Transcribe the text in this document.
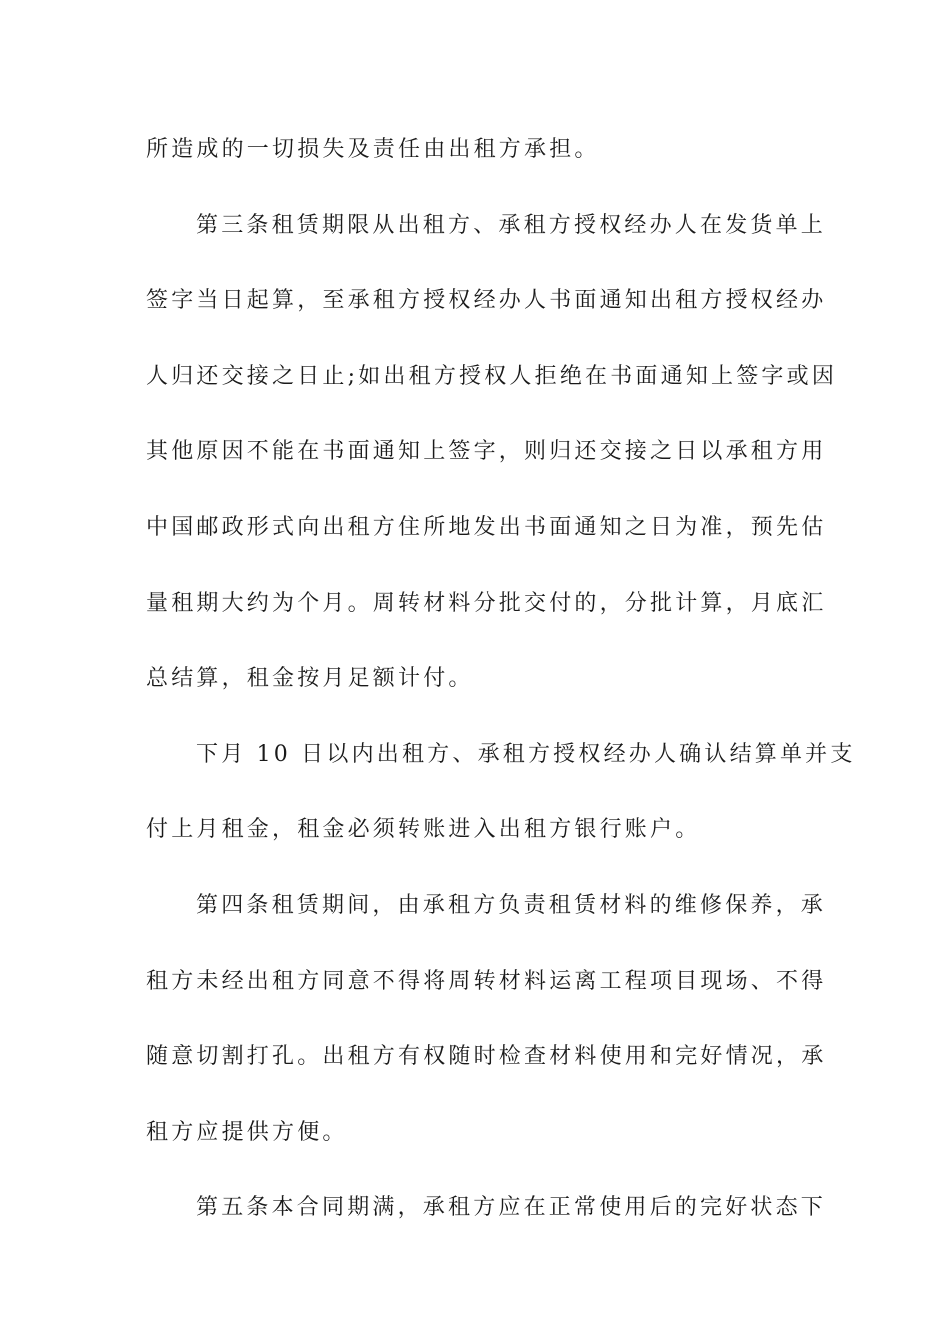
所造成的一切损失及责任由出租方承担。
第三条租赁期限从出租方、承租方授权经办人在发货单上
签字当日起算，至承租方授权经办人书面通知出租方授权经办
人归还交接之日止;如出租方授权人拒绝在书面通知上签字或因
其他原因不能在书面通知上签字，则归还交接之日以承租方用
中国邮政形式向出租方住所地发出书面通知之日为准，预先估
量租期大约为个月。周转材料分批交付的，分批计算，月底汇
总结算，租金按月足额计付。
下月 10 日以内出租方、承租方授权经办人确认结算单并支
付上月租金，租金必须转账进入出租方银行账户。
第四条租赁期间，由承租方负责租赁材料的维修保养，承
租方未经出租方同意不得将周转材料运离工程项目现场、不得
随意切割打孔。出租方有权随时检查材料使用和完好情况，承
租方应提供方便。
第五条本合同期满，承租方应在正常使用后的完好状态下
